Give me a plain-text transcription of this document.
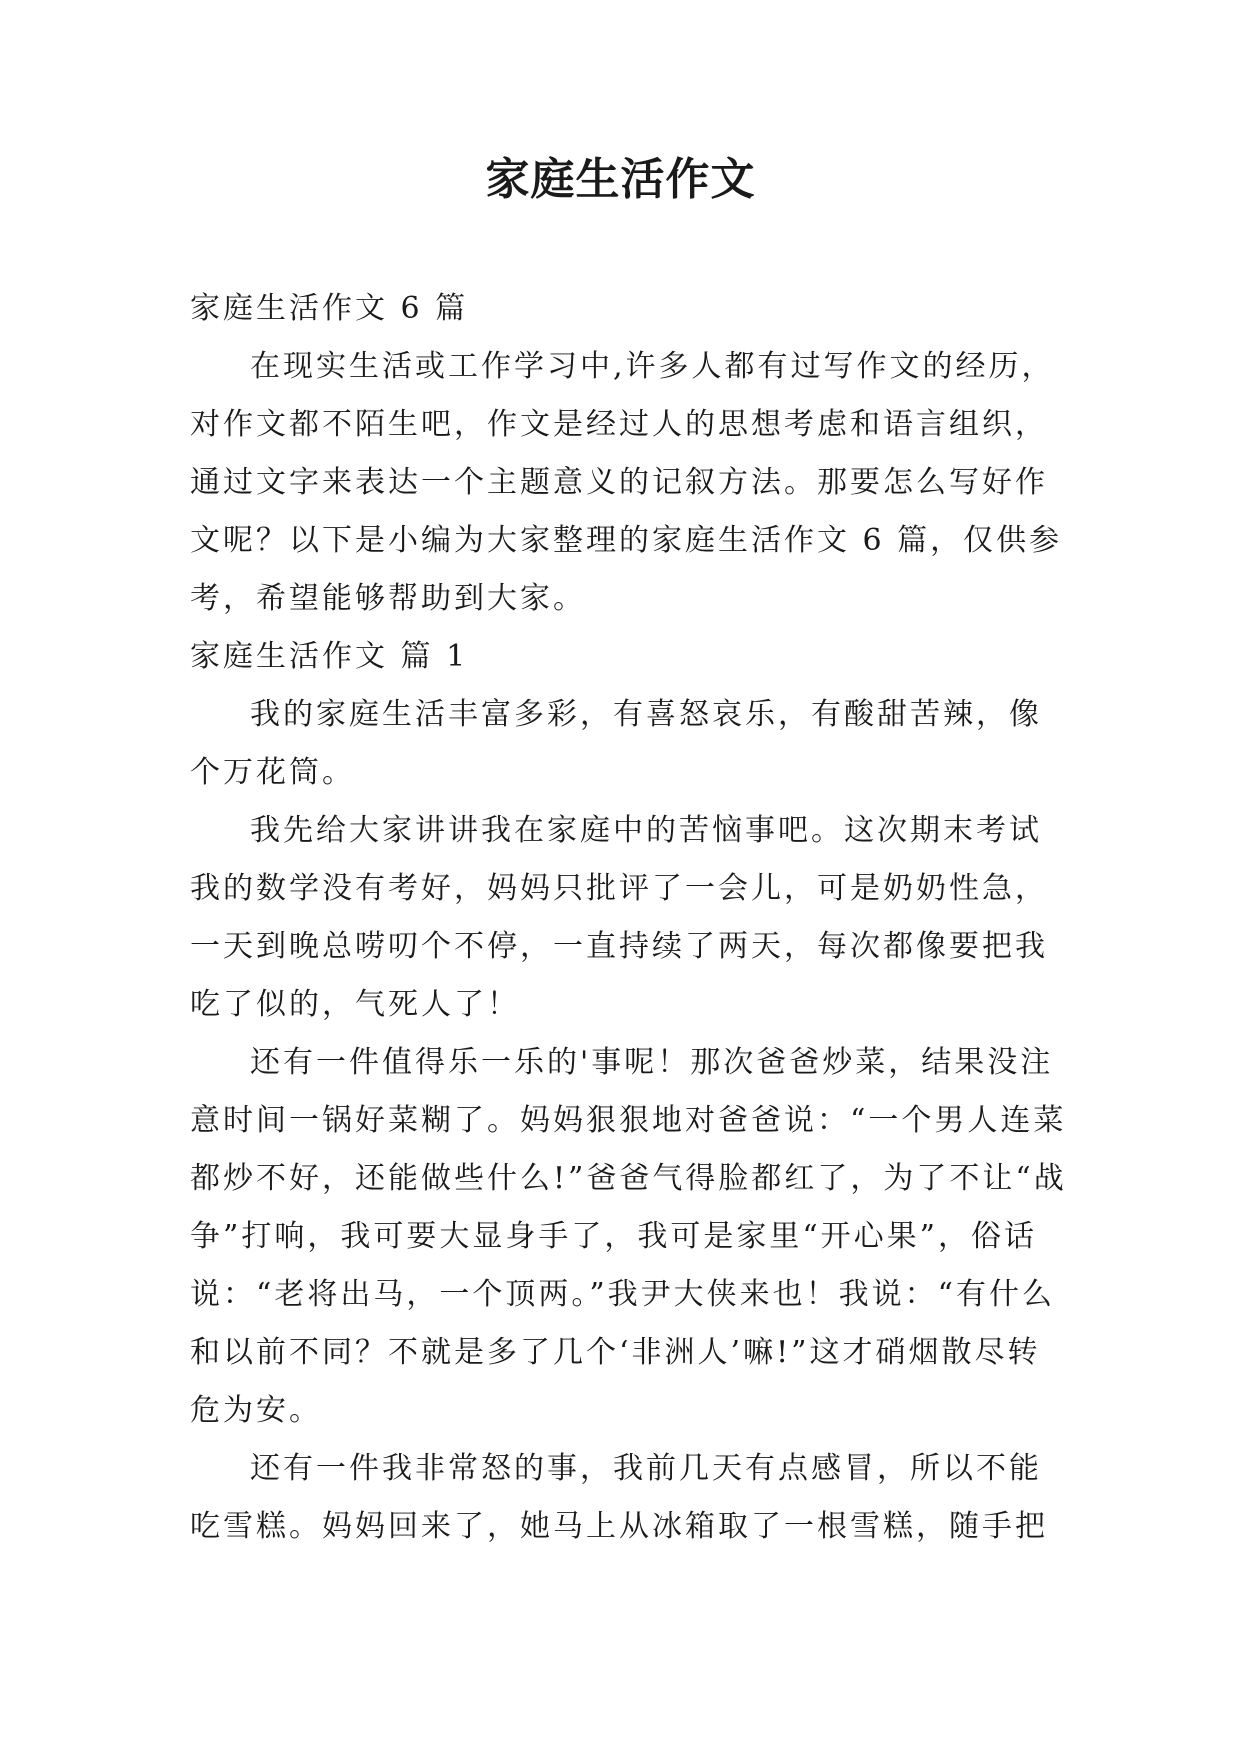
家庭生活作文

家庭生活作文 6 篇

在现实生活或工作学习中,许多人都有过写作文的经历，对作文都不陌生吧，作文是经过人的思想考虑和语言组织，通过文字来表达一个主题意义的记叙方法。那要怎么写好作文呢？以下是小编为大家整理的家庭生活作文 6 篇，仅供参考，希望能够帮助到大家。

家庭生活作文 篇 1

我的家庭生活丰富多彩，有喜怒哀乐，有酸甜苦辣，像个万花筒。

我先给大家讲讲我在家庭中的苦恼事吧。这次期末考试我的数学没有考好，妈妈只批评了一会儿，可是奶奶性急，一天到晚总唠叨个不停，一直持续了两天，每次都像要把我吃了似的，气死人了！

还有一件值得乐一乐的'事呢！那次爸爸炒菜，结果没注意时间一锅好菜糊了。妈妈狠狠地对爸爸说：“一个男人连菜都炒不好，还能做些什么!”爸爸气得脸都红了，为了不让“战争”打响，我可要大显身手了，我可是家里“开心果”，俗话说：“老将出马，一个顶两。”我尹大侠来也！我说：“有什么和以前不同？不就是多了几个‘非洲人’嘛!”这才硝烟散尽转危为安。

还有一件我非常怒的事，我前几天有点感冒，所以不能吃雪糕。妈妈回来了，她马上从冰箱取了一根雪糕，随手把
